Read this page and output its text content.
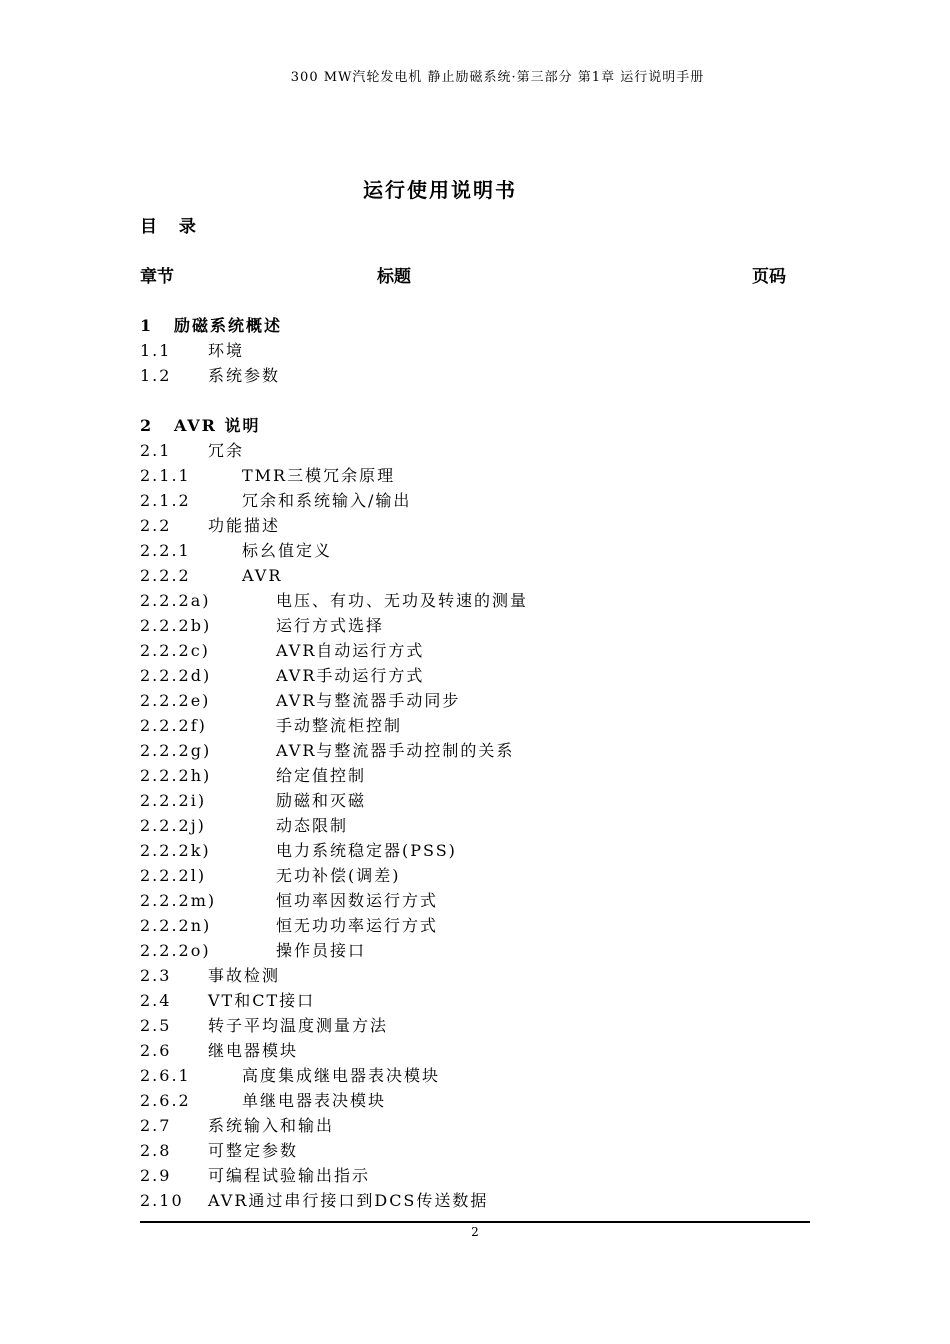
300 MW汽轮发电机 静止励磁系统·第三部分 第1章 运行说明手册
运行使用说明书
目 录
章节	标题	页码
1 励磁系统概述
1.1 环境
1.2 系统参数
2 AVR 说明
2.1 冗余
2.1.1	TMR三模冗余原理
2.1.2	冗余和系统输入/输出
2.2 功能描述
2.2.1	标幺值定义
2.2.2	AVR
2.2.2a)	电压、有功、无功及转速的测量
2.2.2b)	运行方式选择
2.2.2c)	AVR自动运行方式
2.2.2d)	AVR手动运行方式
2.2.2e)	AVR与整流器手动同步
2.2.2f)	手动整流柜控制
2.2.2g)	AVR与整流器手动控制的关系
2.2.2h)	给定值控制
2.2.2i)	励磁和灭磁
2.2.2j)	动态限制
2.2.2k)	电力系统稳定器(PSS)
2.2.2l)	无功补偿(调差)
2.2.2m)	恒功率因数运行方式
2.2.2n)	恒无功功率运行方式
2.2.2o)	操作员接口
2.3 事故检测
2.4 VT和CT接口
2.5 转子平均温度测量方法
2.6 继电器模块
2.6.1	高度集成继电器表决模块
2.6.2	单继电器表决模块
2.7 系统输入和输出
2.8 可整定参数
2.9 可编程试验输出指示
2.10 AVR通过串行接口到DCS传送数据
2
